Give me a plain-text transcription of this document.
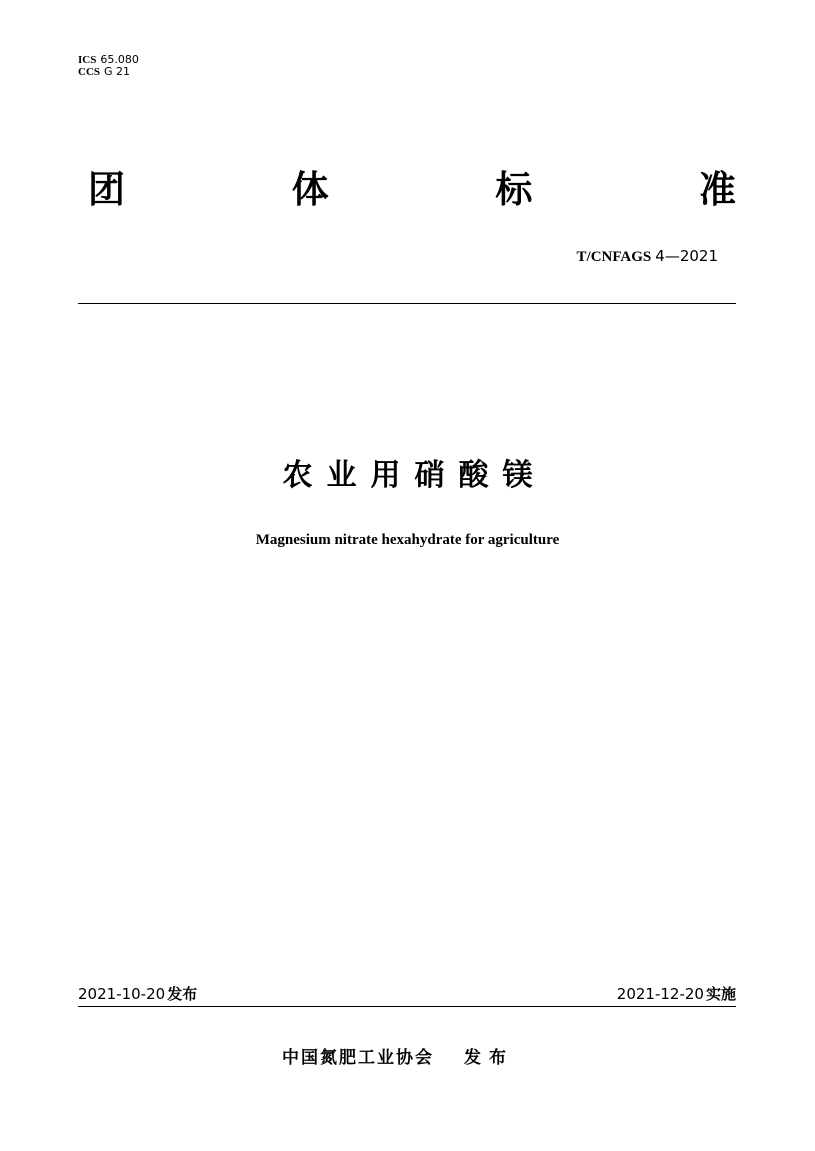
ICS 65.080
CCS G 21
团	体	标	准
T/CNFAGS 4—2021
农业用硝酸镁
Magnesium nitrate hexahydrate for agriculture
2021-10-20 发布	2021-12-20 实施
中国氮肥工业协会 发布
